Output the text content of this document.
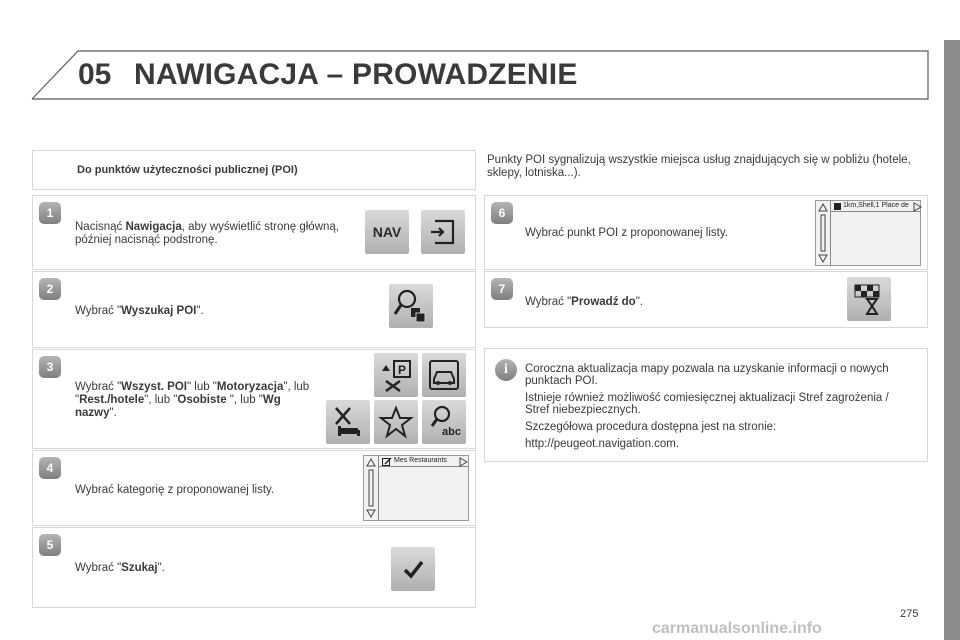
05 NAWIGACJA – PROWADZENIE
Do punktów użyteczności publicznej (POI)
Punkty POI sygnalizują wszystkie miejsca usług znajdujących się w pobliżu (hotele, sklepy, lotniska...).
1
Nacisnąć Nawigacja, aby wyświetlić stronę główną, później nacisnąć podstronę.	NAV
2
Wybrać "Wyszukaj POI".
3
Wybrać "Wszyst. POI" lub "Motoryzacja", lub "Rest./hotele", lub "Osobiste ", lub "Wg nazwy".
P
abc
4
Wybrać kategorię z proponowanej listy.
Mes Restaurants
5
Wybrać "Szukaj".
6
Wybrać punkt POI z proponowanej listy.
1km,Shell,1 Place de
7
Wybrać "Prowadź do".
i	Coroczna aktualizacja mapy pozwala na uzyskanie informacji o nowych punktach POI.
Istnieje również możliwość comiesięcznej aktualizacji Stref zagrożenia / Stref niebezpiecznych.
Szczegółowa procedura dostępna jest na stronie:
http://peugeot.navigation.com.
275
carmanualsonline.info
